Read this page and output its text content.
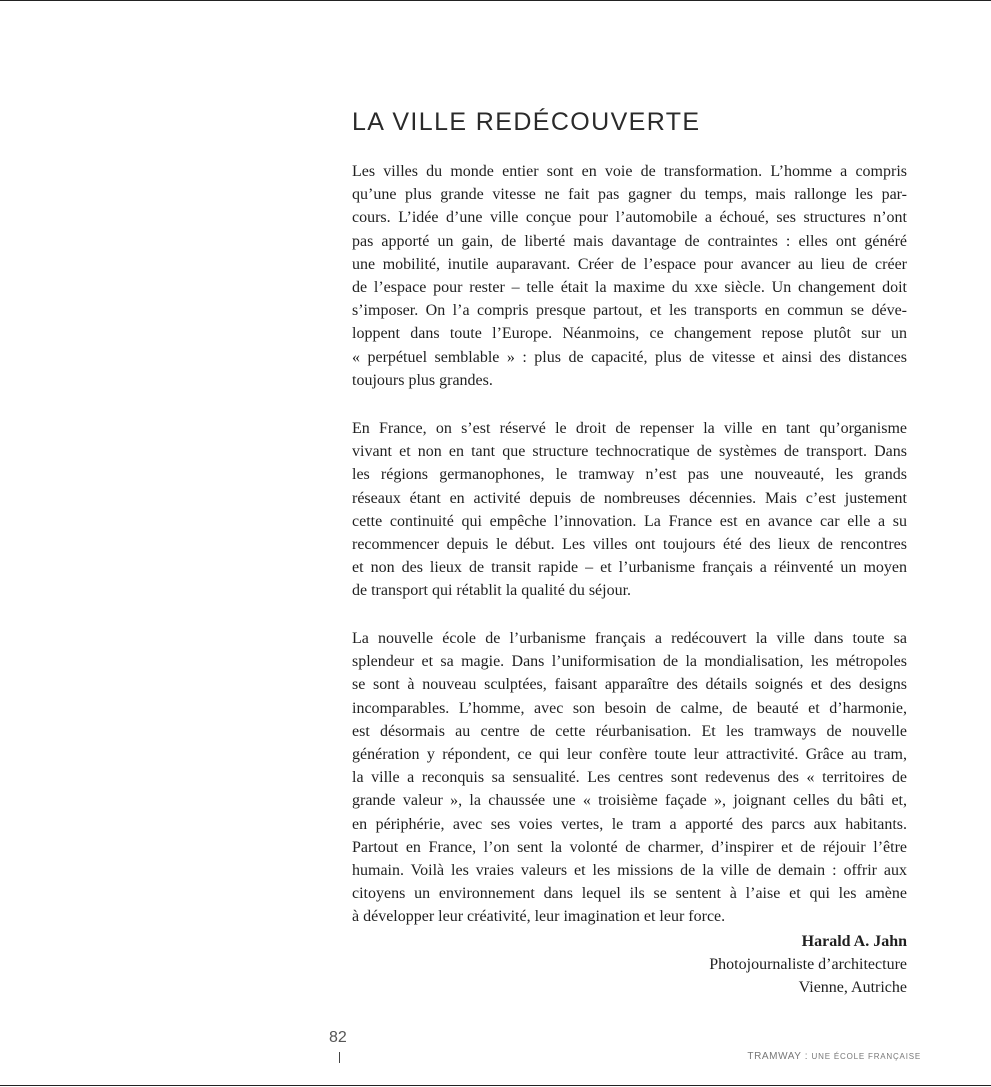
LA VILLE REDÉCOUVERTE
Les villes du monde entier sont en voie de transformation. L’homme a compris
qu’une plus grande vitesse ne fait pas gagner du temps, mais rallonge les par-
cours. L’idée d’une ville conçue pour l’automobile a échoué, ses structures n’ont
pas apporté un gain, de liberté mais davantage de contraintes : elles ont généré
une mobilité, inutile auparavant. Créer de l’espace pour avancer au lieu de créer
de l’espace pour rester – telle était la maxime du xxe siècle. Un changement doit
s’imposer. On l’a compris presque partout, et les transports en commun se déve-
loppent dans toute l’Europe. Néanmoins, ce changement repose plutôt sur un
« perpétuel semblable » : plus de capacité, plus de vitesse et ainsi des distances
toujours plus grandes.
En France, on s’est réservé le droit de repenser la ville en tant qu’organisme
vivant et non en tant que structure technocratique de systèmes de transport. Dans
les régions germanophones, le tramway n’est pas une nouveauté, les grands
réseaux étant en activité depuis de nombreuses décennies. Mais c’est justement
cette continuité qui empêche l’innovation. La France est en avance car elle a su
recommencer depuis le début. Les villes ont toujours été des lieux de rencontres
et non des lieux de transit rapide – et l’urbanisme français a réinventé un moyen
de transport qui rétablit la qualité du séjour.
La nouvelle école de l’urbanisme français a redécouvert la ville dans toute sa
splendeur et sa magie. Dans l’uniformisation de la mondialisation, les métropoles
se sont à nouveau sculptées, faisant apparaître des détails soignés et des designs
incomparables. L’homme, avec son besoin de calme, de beauté et d’harmonie,
est désormais au centre de cette réurbanisation. Et les tramways de nouvelle
génération y répondent, ce qui leur confère toute leur attractivité. Grâce au tram,
la ville a reconquis sa sensualité. Les centres sont redevenus des « territoires de
grande valeur », la chaussée une « troisième façade », joignant celles du bâti et,
en périphérie, avec ses voies vertes, le tram a apporté des parcs aux habitants.
Partout en France, l’on sent la volonté de charmer, d’inspirer et de réjouir l’être
humain. Voilà les vraies valeurs et les missions de la ville de demain : offrir aux
citoyens un environnement dans lequel ils se sentent à l’aise et qui les amène
à développer leur créativité, leur imagination et leur force.
Harald A. Jahn
Photojournaliste d’architecture
Vienne, Autriche
82
TRAMWAY : UNE ÉCOLE FRANÇAISE
